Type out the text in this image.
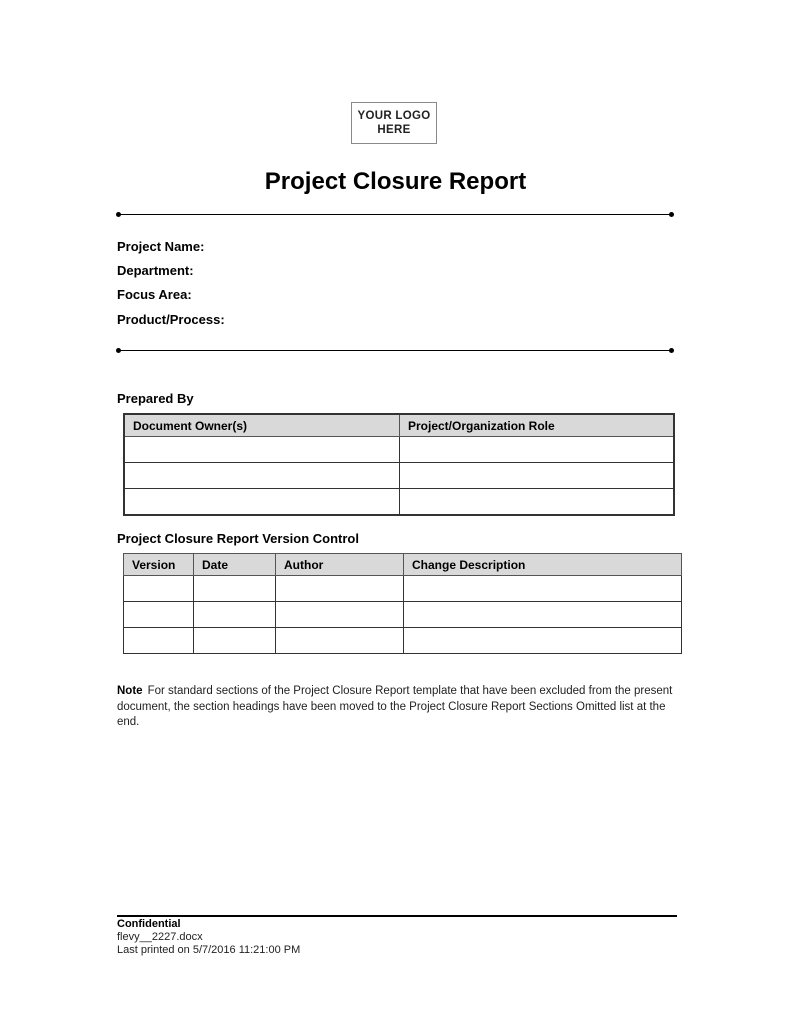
YOUR LOGO
HERE
Project Closure Report
Project Name:
Department:
Focus Area:
Product/Process:
Prepared By
Document Owner(s)	Project/Organization Role

Project Closure Report Version Control
Version	Date	Author	Change Description

Note For standard sections of the Project Closure Report template that have been excluded from the present document, the section headings have been moved to the Project Closure Report Sections Omitted list at the end.
Confidential
flevy__2227.docx
Last printed on 5/7/2016 11:21:00 PM
